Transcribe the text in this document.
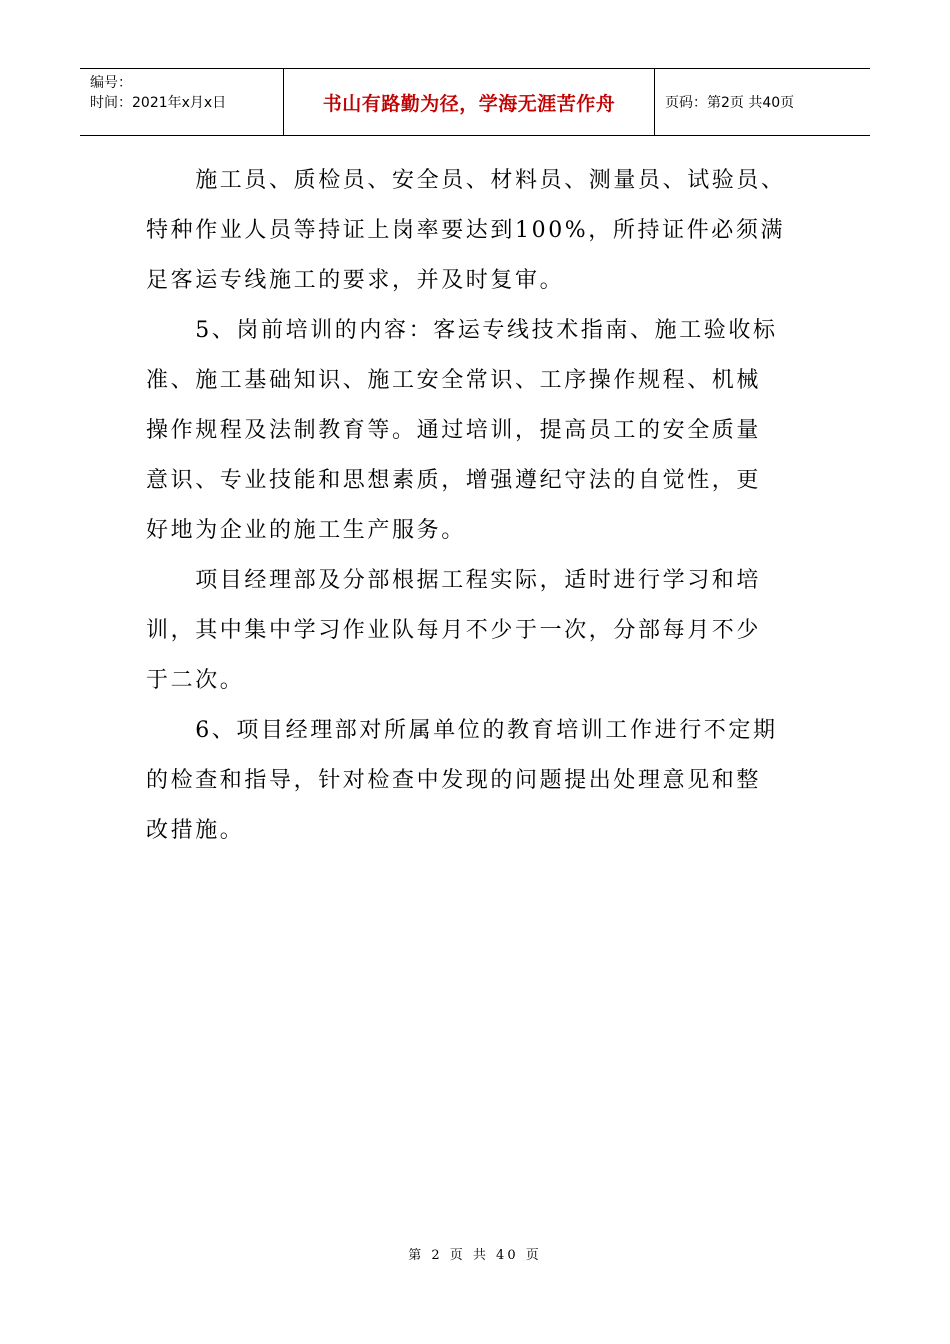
编号：
时间：2021年x月x日	书山有路勤为径，学海无涯苦作舟	页码：第2页 共40页

　　施工员、质检员、安全员、材料员、测量员、试验员、

特种作业人员等持证上岗率要达到100%，所持证件必须满

足客运专线施工的要求，并及时复审。

　　5、岗前培训的内容：客运专线技术指南、施工验收标

准、施工基础知识、施工安全常识、工序操作规程、机械

操作规程及法制教育等。通过培训，提高员工的安全质量

意识、专业技能和思想素质，增强遵纪守法的自觉性，更

好地为企业的施工生产服务。

　　项目经理部及分部根据工程实际，适时进行学习和培

训，其中集中学习作业队每月不少于一次，分部每月不少

于二次。

　　6、项目经理部对所属单位的教育培训工作进行不定期

的检查和指导，针对检查中发现的问题提出处理意见和整

改措施。

第 2 页 共 40 页
